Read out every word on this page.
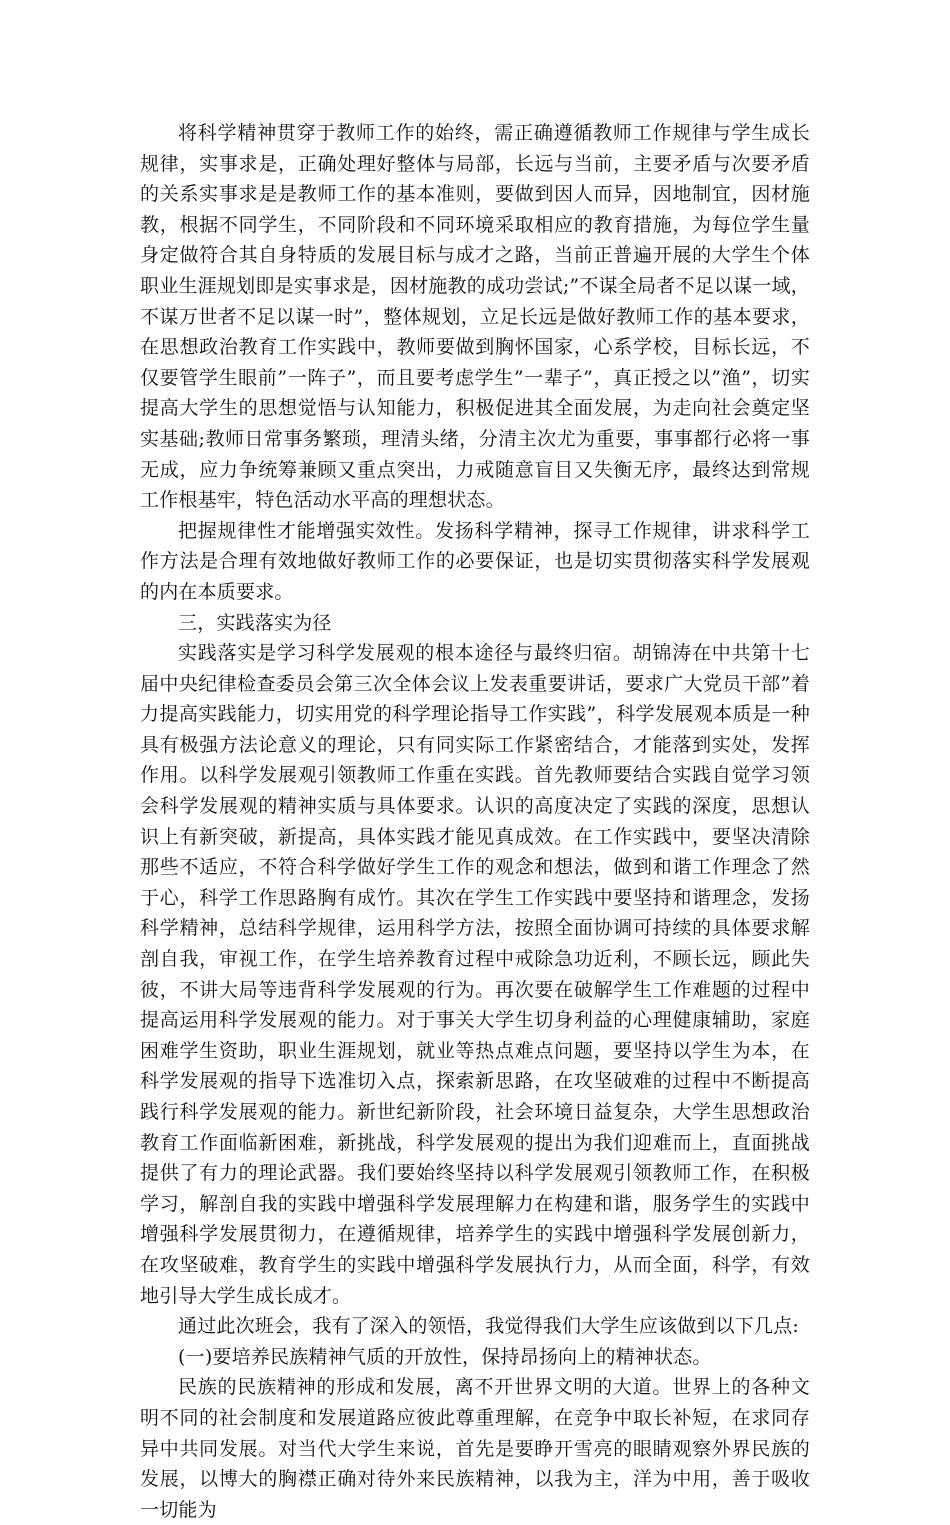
将科学精神贯穿于教师工作的始终，需正确遵循教师工作规律与学生成长规律，实事求是，正确处理好整体与局部，长远与当前，主要矛盾与次要矛盾的关系实事求是是教师工作的基本准则，要做到因人而异，因地制宜，因材施教，根据不同学生，不同阶段和不同环境采取相应的教育措施，为每位学生量身定做符合其自身特质的发展目标与成才之路，当前正普遍开展的大学生个体职业生涯规划即是实事求是，因材施教的成功尝试;”不谋全局者不足以谋一域，不谋万世者不足以谋一时”，整体规划，立足长远是做好教师工作的基本要求，在思想政治教育工作实践中，教师要做到胸怀国家，心系学校，目标长远，不仅要管学生眼前”一阵子”，而且要考虑学生”一辈子”，真正授之以”渔”，切实提高大学生的思想觉悟与认知能力，积极促进其全面发展，为走向社会奠定坚实基础;教师日常事务繁琐，理清头绪，分清主次尤为重要，事事都行必将一事无成，应力争统筹兼顾又重点突出，力戒随意盲目又失衡无序，最终达到常规工作根基牢，特色活动水平高的理想状态。

把握规律性才能增强实效性。发扬科学精神，探寻工作规律，讲求科学工作方法是合理有效地做好教师工作的必要保证，也是切实贯彻落实科学发展观的内在本质要求。

三，实践落实为径

实践落实是学习科学发展观的根本途径与最终归宿。胡锦涛在中共第十七届中央纪律检查委员会第三次全体会议上发表重要讲话，要求广大党员干部”着力提高实践能力，切实用党的科学理论指导工作实践”，科学发展观本质是一种具有极强方法论意义的理论，只有同实际工作紧密结合，才能落到实处，发挥作用。以科学发展观引领教师工作重在实践。首先教师要结合实践自觉学习领会科学发展观的精神实质与具体要求。认识的高度决定了实践的深度，思想认识上有新突破，新提高，具体实践才能见真成效。在工作实践中，要坚决清除那些不适应，不符合科学做好学生工作的观念和想法，做到和谐工作理念了然于心，科学工作思路胸有成竹。其次在学生工作实践中要坚持和谐理念，发扬科学精神，总结科学规律，运用科学方法，按照全面协调可持续的具体要求解剖自我，审视工作，在学生培养教育过程中戒除急功近利，不顾长远，顾此失彼，不讲大局等违背科学发展观的行为。再次要在破解学生工作难题的过程中提高运用科学发展观的能力。对于事关大学生切身利益的心理健康辅助，家庭困难学生资助，职业生涯规划，就业等热点难点问题，要坚持以学生为本，在科学发展观的指导下选准切入点，探索新思路，在攻坚破难的过程中不断提高践行科学发展观的能力。新世纪新阶段，社会环境日益复杂，大学生思想政治教育工作面临新困难，新挑战，科学发展观的提出为我们迎难而上，直面挑战提供了有力的理论武器。我们要始终坚持以科学发展观引领教师工作，在积极学习，解剖自我的实践中增强科学发展理解力在构建和谐，服务学生的实践中增强科学发展贯彻力，在遵循规律，培养学生的实践中增强科学发展创新力，在攻坚破难，教育学生的实践中增强科学发展执行力，从而全面，科学，有效地引导大学生成长成才。

通过此次班会，我有了深入的领悟，我觉得我们大学生应该做到以下几点:

(一)要培养民族精神气质的开放性，保持昂扬向上的精神状态。

民族的民族精神的形成和发展，离不开世界文明的大道。世界上的各种文明不同的社会制度和发展道路应彼此尊重理解，在竞争中取长补短，在求同存异中共同发展。对当代大学生来说，首先是要睁开雪亮的眼睛观察外界民族的发展，以博大的胸襟正确对待外来民族精神，以我为主，洋为中用，善于吸收一切能为
